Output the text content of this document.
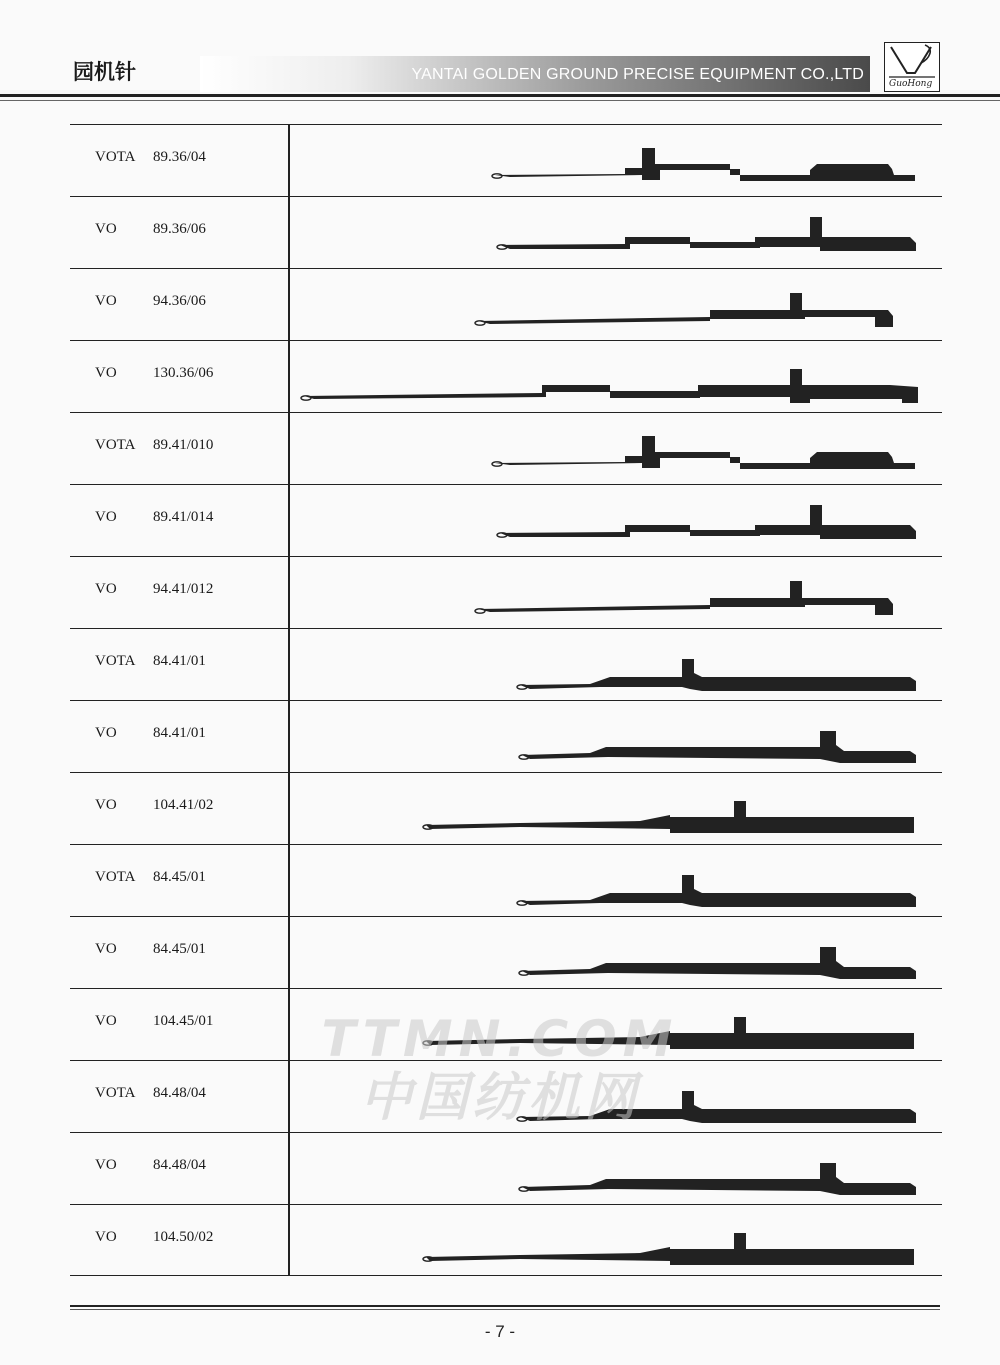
园机针	YANTAI GOLDEN GROUND PRECISE EQUIPMENT CO.,LTD
GuoHong
VOTA 89.36/04
VO 89.36/06
VO 94.36/06
VO 130.36/06
VOTA 89.41/010
VO 89.41/014
VO 94.41/012
VOTA 84.41/01
VO 84.41/01
VO 104.41/02
VOTA 84.45/01
VO 84.45/01
VO 104.45/01
VOTA 84.48/04
VO 84.48/04
VO 104.50/02
TTMN.COM
中国纺机网
- 7 -
